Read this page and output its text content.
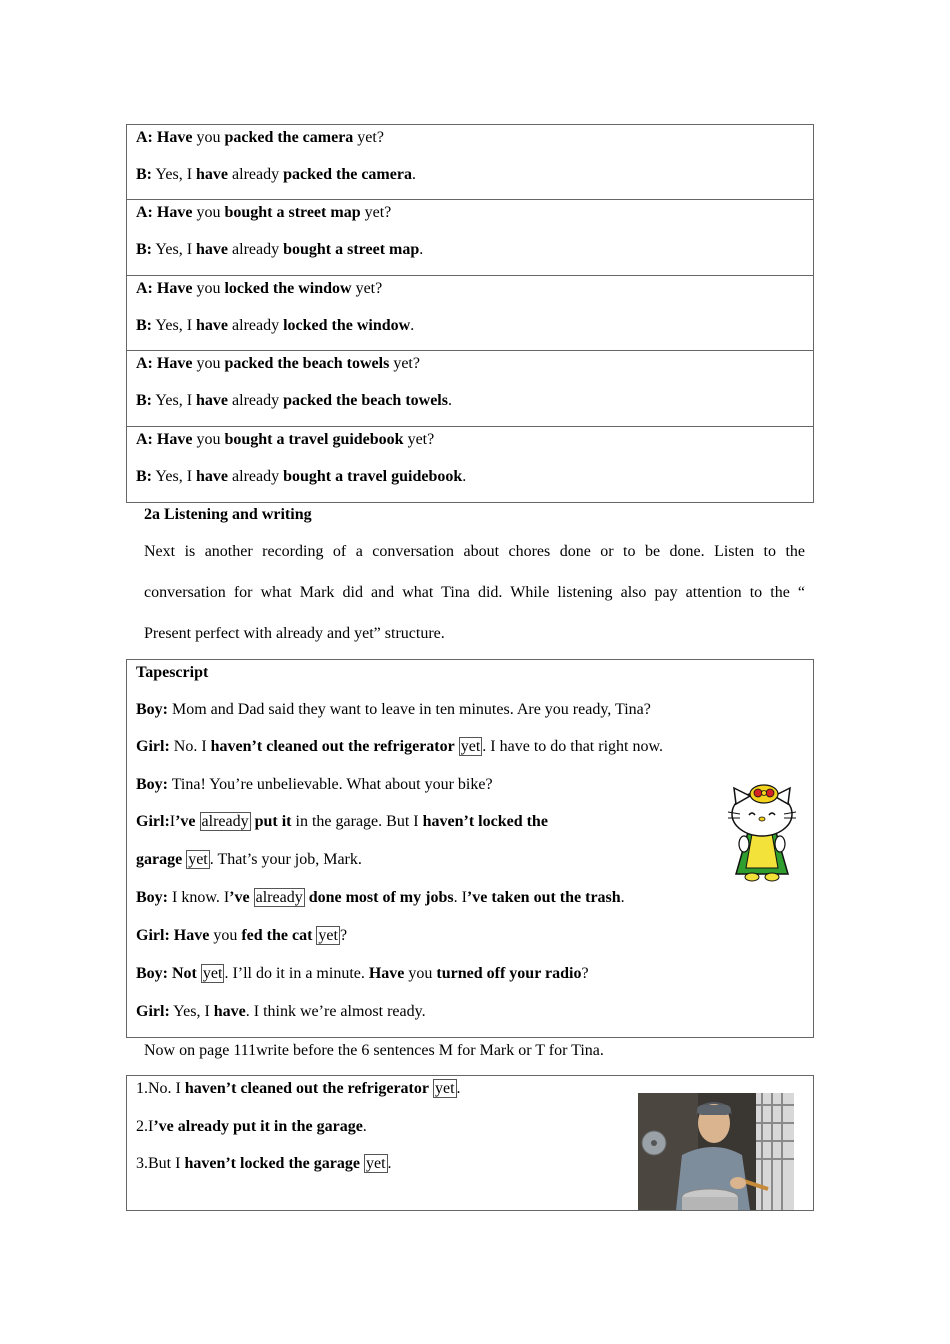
A: Have you packed the camera yet?
B: Yes, I have already packed the camera.
A: Have you bought a street map yet?
B: Yes, I have already bought a street map.
A: Have you locked the window yet?
B: Yes, I have already locked the window.
A: Have you packed the beach towels yet?
B: Yes, I have already packed the beach towels.
A: Have you bought a travel guidebook yet?
B: Yes, I have already bought a travel guidebook.
2a Listening and writing
Next is another recording of a conversation about chores done or to be done. Listen to the
conversation for what Mark did and what Tina did. While listening also pay attention to the “
Present perfect with already and yet” structure.
Tapescript
Boy: Mom and Dad said they want to leave in ten minutes. Are you ready, Tina?
Girl: No. I haven’t cleaned out the refrigerator yet . I have to do that right now.
Boy: Tina! You’re unbelievable. What about your bike?
Girl:I’ve already put it in the garage. But I haven’t locked the
garage yet . That’s your job, Mark.
Boy: I know. I’ve already done most of my jobs. I’ve taken out the trash.
Girl: Have you fed the cat yet ?
Boy: Not yet . I’ll do it in a minute. Have you turned off your radio?
Girl: Yes, I have. I think we’re almost ready.
Now on page 111write before the 6 sentences M for Mark or T for Tina.
1.No. I haven’t cleaned out the refrigerator yet .
2.I’ve already put it in the garage.
3.But I haven’t locked the garage yet .
